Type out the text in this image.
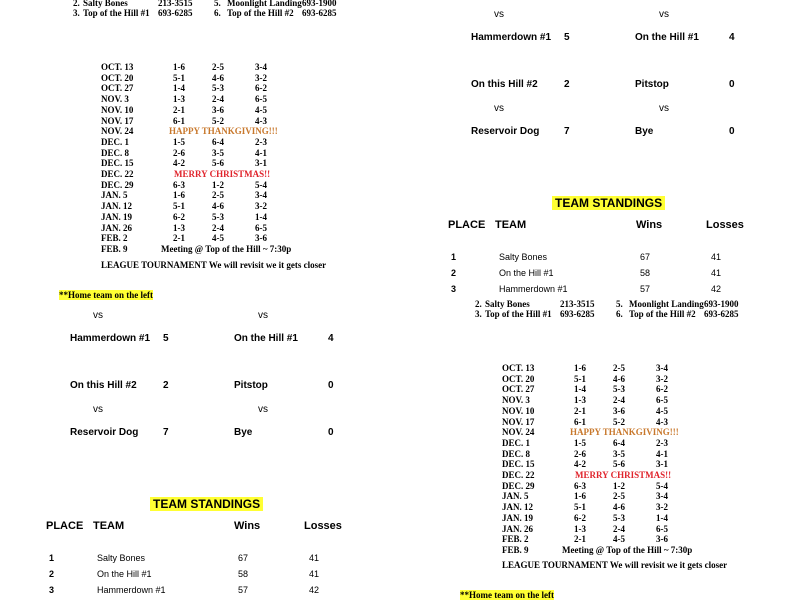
2. Salty Bones	213-3515 5. Moonlight Landing 693-1900
3. Top of the Hill #1 693-6285 6. Top of the Hill #2 693-6285
OCT. 13	1-6	2-5	3-4
OCT. 20	5-1	4-6	3-2
OCT. 27	1-4	5-3	6-2
NOV. 3	1-3	2-4	6-5
NOV. 10	2-1	3-6	4-5
NOV. 17	6-1	5-2	4-3
NOV. 24	HAPPY THANKGIVING!!!
DEC. 1	1-5	6-4	2-3
DEC. 8	2-6	3-5	4-1
DEC. 15	4-2	5-6	3-1
DEC. 22	MERRY CHRISTMAS!!
DEC. 29	6-3	1-2	5-4
JAN. 5	1-6	2-5	3-4
JAN. 12	5-1	4-6	3-2
JAN. 19	6-2	5-3	1-4
JAN. 26	1-3	2-4	6-5
FEB. 2	2-1	4-5	3-6
FEB. 9	Meeting @ Top of the Hill ~ 7:30p
LEAGUE TOURNAMENT We will revisit we it gets closer
**Home team on the left
vs	vs
Hammerdown #1 5	On the Hill #1	4
On this Hill #2	2	Pitstop	0
Reservoir Dog 7	Bye	0
vs	vs
TEAM STANDINGS
PLACE TEAM	Wins	Losses
1	Salty Bones	67	41
2	On the Hill #1	58	41
3	Hammerdown #1	57	42
vs	vs
Hammerdown #1 5	On the Hill #1	4
On this Hill #2	2	Pitstop	0
Reservoir Dog 7	Bye	0
vs	vs
TEAM STANDINGS
PLACE TEAM	Wins	Losses
1	Salty Bones	67	41
2	On the Hill #1	58	41
3	Hammerdown #1	57	42
2. Salty Bones	213-3515 5. Moonlight Landing 693-1900
3. Top of the Hill #1 693-6285 6. Top of the Hill #2 693-6285
OCT. 13	1-6	2-5	3-4
OCT. 20	5-1	4-6	3-2
OCT. 27	1-4	5-3	6-2
NOV. 3	1-3	2-4	6-5
NOV. 10	2-1	3-6	4-5
NOV. 17	6-1	5-2	4-3
NOV. 24	HAPPY THANKGIVING!!!
DEC. 1	1-5	6-4	2-3
DEC. 8	2-6	3-5	4-1
DEC. 15	4-2	5-6	3-1
DEC. 22	MERRY CHRISTMAS!!
DEC. 29	6-3	1-2	5-4
JAN. 5	1-6	2-5	3-4
JAN. 12	5-1	4-6	3-2
JAN. 19	6-2	5-3	1-4
JAN. 26	1-3	2-4	6-5
FEB. 2	2-1	4-5	3-6
FEB. 9	Meeting @ Top of the Hill ~ 7:30p
LEAGUE TOURNAMENT We will revisit we it gets closer
**Home team on the left
